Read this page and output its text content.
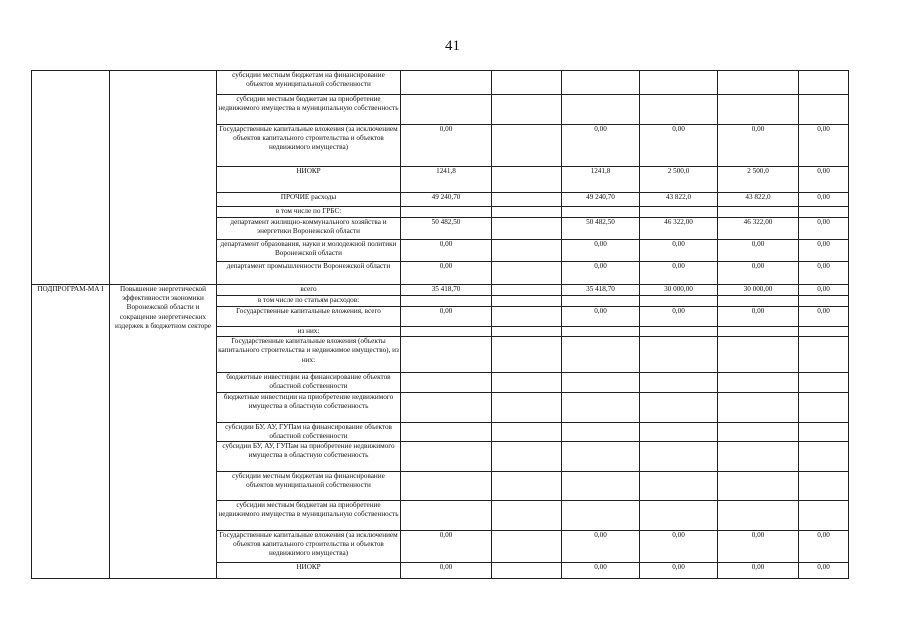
41
		субсидии местным бюджетам на финансирование объектов муниципальной собственности						
		субсидии местным бюджетам на приобретение недвижимого имущества в муниципальную собственность						
		Государственные капитальные вложения (за исключением объектов капитального строительства и объектов недвижимого имущества)	0,00		0,00	0,00	0,00	0,00
		НИОКР	1241,8		1241,8	2 500,0	2 500,0	0,00
		ПРОЧИЕ расходы	49 240,70		49 240,70	43 822,0	43 822,0	0,00
		в том числе по ГРБС:						
		департамент жилищно-коммунального хозяйства и энергетики Воронежской области	50 482,50		50 482,50	46 322,00	46 322,00	0,00
		департамент образования, науки и молодежной политики Воронежской области	0,00		0,00	0,00	0,00	0,00
		департамент промышленности Воронежской области	0,00		0,00	0,00	0,00	0,00
ПОДПРОГРАМ-МА I	Повышение энергетической эффективности экономики Воронежской области и сокращение энергетических издержек в бюджетном секторе	всего	35 418,70		35 418,70	30 000,00	30 000,00	0,00
		в том числе по статьям расходов:						
		Государственные капитальные вложения, всего	0,00		0,00	0,00	0,00	0,00
		из них:						
		Государственные капитальные вложения (объекты капитального строительства и недвижимое имущество), из них:						
		бюджетные инвестиции на финансирование объектов областной собственности						
		бюджетные инвестиции на приобретение недвижимого имущества в областную собственность						
		субсидии БУ, АУ, ГУПам на финансирование объектов областной собственности						
		субсидии БУ, АУ, ГУПам на приобретение недвижимого имущества в областную собственность						
		субсидии местным бюджетам на финансирование объектов муниципальной собственности						
		субсидии местным бюджетам на приобретение недвижимого имущества в муниципальную собственность						
		Государственные капитальные вложения (за исключением объектов капитального строительства и объектов недвижимого имущества)	0,00		0,00	0,00	0,00	0,00
		НИОКР	0,00		0,00	0,00	0,00	0,00
